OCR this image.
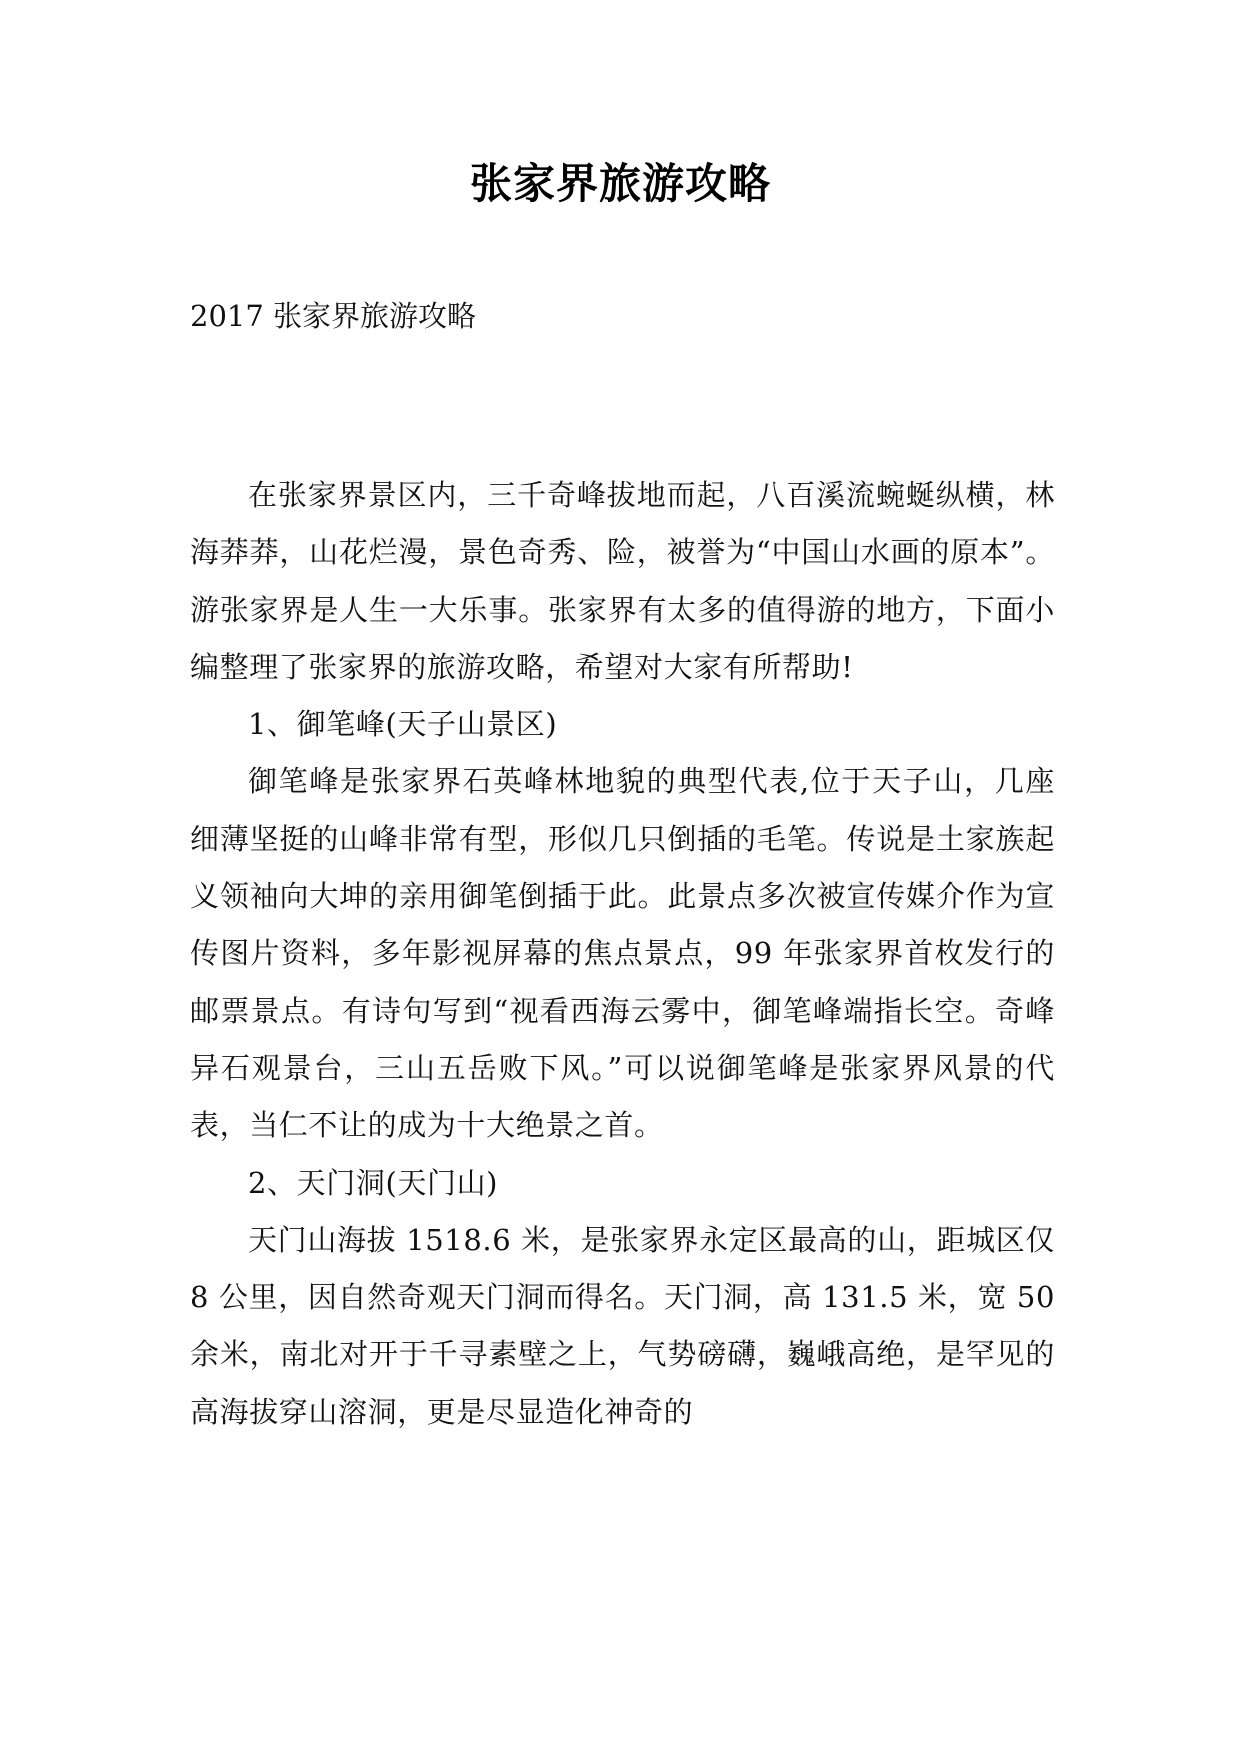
张家界旅游攻略
2017 张家界旅游攻略

在张家界景区内，三千奇峰拔地而起，八百溪流蜿蜒纵横，林海莽莽，山花烂漫，景色奇秀、险，被誉为“中国山水画的原本”。游张家界是人生一大乐事。张家界有太多的值得游的地方，下面小编整理了张家界的旅游攻略，希望对大家有所帮助!

1、御笔峰(天子山景区)

御笔峰是张家界石英峰林地貌的典型代表,位于天子山，几座细薄坚挺的山峰非常有型，形似几只倒插的毛笔。传说是土家族起义领袖向大坤的亲用御笔倒插于此。此景点多次被宣传媒介作为宣传图片资料，多年影视屏幕的焦点景点，99 年张家界首枚发行的邮票景点。有诗句写到“视看西海云雾中，御笔峰端指长空。奇峰异石观景台，三山五岳败下风。”可以说御笔峰是张家界风景的代表，当仁不让的成为十大绝景之首。

2、天门洞(天门山)

天门山海拔 1518.6 米，是张家界永定区最高的山，距城区仅 8 公里，因自然奇观天门洞而得名。天门洞，高 131.5 米，宽 50 余米，南北对开于千寻素壁之上，气势磅礴，巍峨高绝，是罕见的高海拔穿山溶洞，更是尽显造化神奇的
